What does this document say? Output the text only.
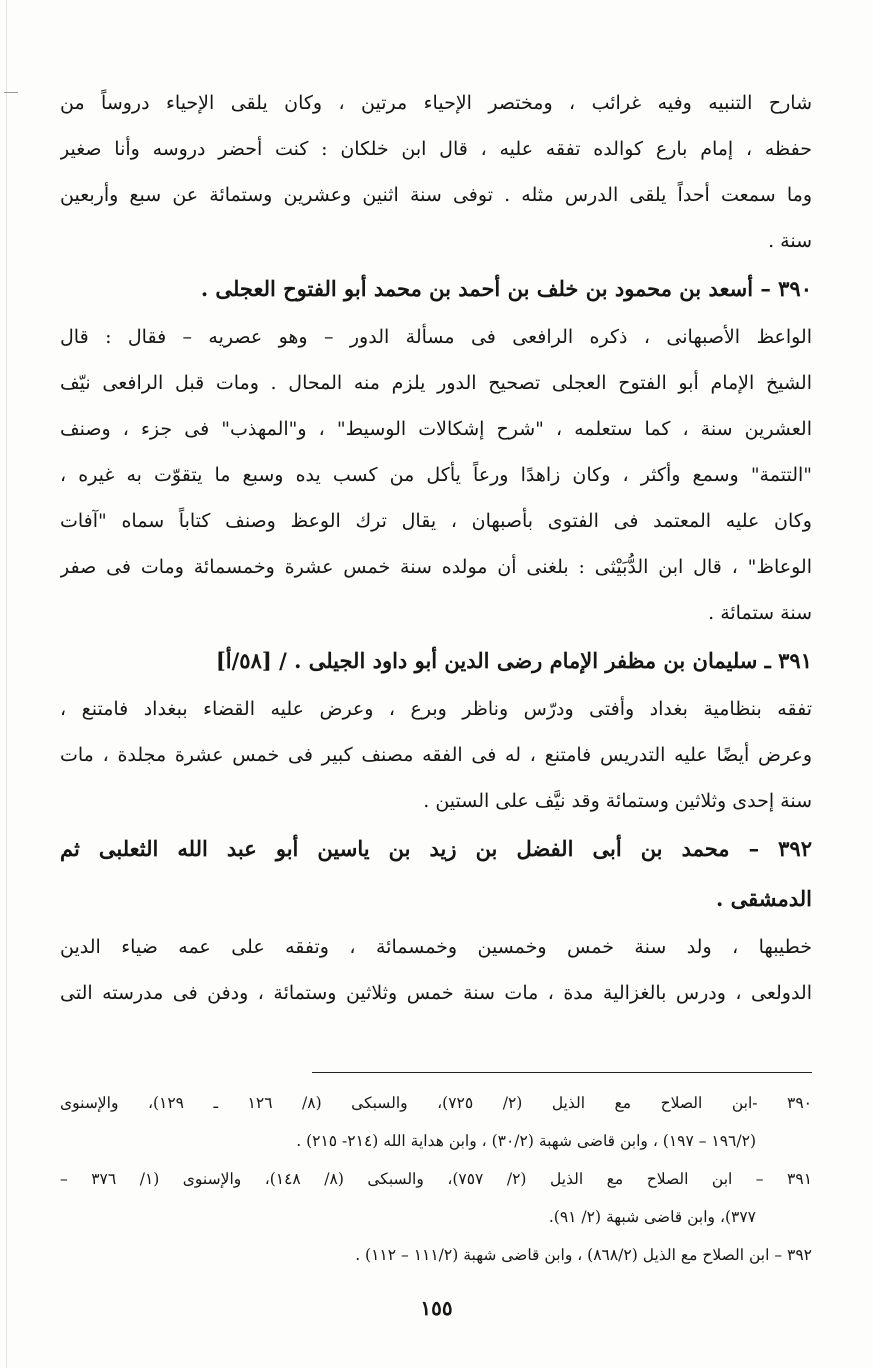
شارح التنبيه وفيه غرائب ، ومختصر الإحياء مرتين ، وكان يلقى الإحياء دروساً من
حفظه ، إمام بارع كوالده تفقه عليه ، قال ابن خلكان : كنت أحضر دروسه وأنا صغير
وما سمعت أحداً يلقى الدرس مثله . توفى سنة اثنين وعشرين وستمائة عن سبع وأربعين
سنة .
٣٩٠ – أسعد بن محمود بن خلف بن أحمد بن محمد أبو الفتوح العجلى .
الواعظ الأصبهانى ، ذكره الرافعى فى مسألة الدور – وهو عصريه – فقال : قال
الشيخ الإمام أبو الفتوح العجلى تصحيح الدور يلزم منه المحال . ومات قبل الرافعى نيّف
العشرين سنة ، كما ستعلمه ، "شرح إشكالات الوسيط" ، و"المهذب" فى جزء ، وصنف
"التتمة" وسمع وأكثر ، وكان زاهدًا ورعاً يأكل من كسب يده وسبع ما يتقوّت به غيره ،
وكان عليه المعتمد فى الفتوى بأصبهان ، يقال ترك الوعظ وصنف كتاباً سماه "آفات
الوعاظ" ، قال ابن الدُّبَيْثى : بلغنى أن مولده سنة خمس عشرة وخمسمائة ومات فى صفر
سنة ستمائة .
٣٩١ ـ سليمان بن مظفر الإمام رضى الدين أبو داود الجيلى . / [٥٨/أ]
تفقه بنظامية بغداد وأفتى ودرّس وناظر وبرع ، وعرض عليه القضاء ببغداد فامتنع ،
وعرض أيضًا عليه التدريس فامتنع ، له فى الفقه مصنف كبير فى خمس عشرة مجلدة ، مات
سنة إحدى وثلاثين وستمائة وقد نيَّف على الستين .
٣٩٢ – محمد بن أبى الفضل بن زيد بن ياسين أبو عبد الله الثعلبى ثم
الدمشقى .
خطيبها ، ولد سنة خمس وخمسين وخمسمائة ، وتفقه على عمه ضياء الدين
الدولعى ، ودرس بالغزالية مدة ، مات سنة خمس وثلاثين وستمائة ، ودفن فى مدرسته التى
٣٩٠ -ابن الصلاح مع الذيل (٢/ ٧٢٥)، والسبكى (٨/ ١٢٦ ـ ١٢٩)، والإسنوى
(١٩٦/٢ – ١٩٧) ، وابن قاضى شهبة (٣٠/٢) ، وابن هداية الله (٢١٤- ٢١٥) .
٣٩١ – ابن الصلاح مع الذيل (٢/ ٧٥٧)، والسبكى (٨/ ١٤٨)، والإسنوى (١/ ٣٧٦ –
٣٧٧)، وابن قاضى شبهة (٢/ ٩١).
٣٩٢ – ابن الصلاح مع الذيل (٨٦٨/٢) ، وابن قاضى شهبة (١١١/٢ – ١١٢) .
١٥٥
